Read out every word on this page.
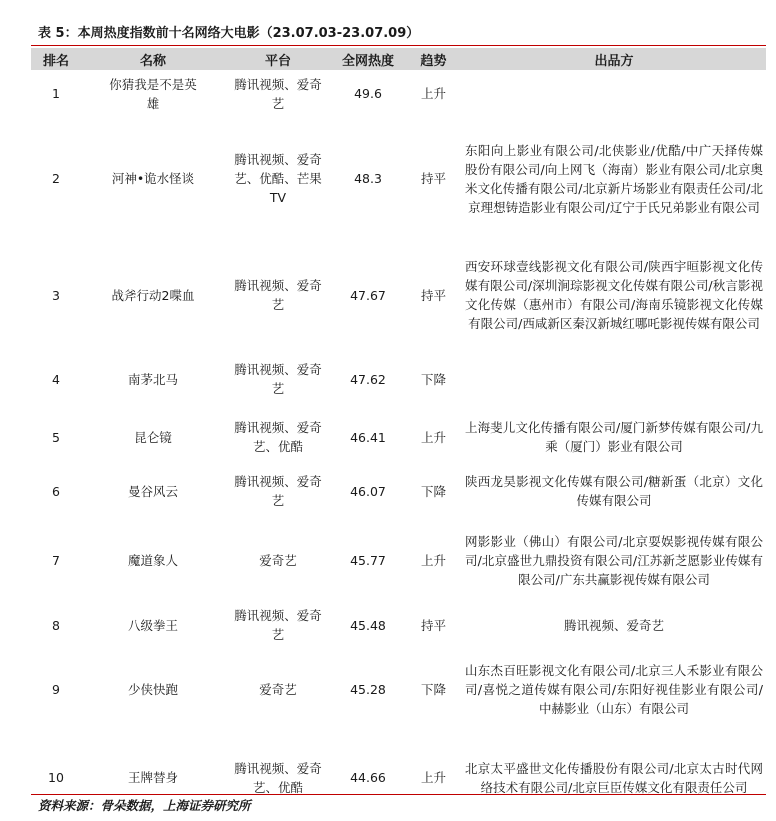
表 5：本周热度指数前十名网络大电影（23.07.03-23.07.09）
排名	名称	平台	全网热度	趋势	出品方
1	你猜我是不是英雄	腾讯视频、爱奇艺	49.6	上升	

2	河神•诡水怪谈	腾讯视频、爱奇艺、优酷、芒果TV	48.3	持平	东阳向上影业有限公司/北侠影业/优酷/中广天择传媒股份有限公司/向上网飞（海南）影业有限公司/北京奥米文化传播有限公司/北京新片场影业有限责任公司/北京理想铸造影业有限公司/辽宁于氏兄弟影业有限公司

3	战斧行动2喋血	腾讯视频、爱奇艺	47.67	持平	西安环球壹线影视文化有限公司/陕西宇晅影视文化传媒有限公司/深圳涧琮影视文化传媒有限公司/秋言影视文化传媒（惠州市）有限公司/海南乐镜影视文化传媒有限公司/西咸新区秦汉新城红哪吒影视传媒有限公司

4	南茅北马	腾讯视频、爱奇艺	47.62	下降	

5	昆仑镜	腾讯视频、爱奇艺、优酷	46.41	上升	上海斐儿文化传播有限公司/厦门新梦传媒有限公司/九乘（厦门）影业有限公司

6	曼谷风云	腾讯视频、爱奇艺	46.07	下降	陕西龙昊影视文化传媒有限公司/糖新蛋（北京）文化传媒有限公司

7	魔道象人	爱奇艺	45.77	上升	网影影业（佛山）有限公司/北京耍娱影视传媒有限公司/北京盛世九鼎投资有限公司/江苏新芝愿影业传媒有限公司/广东共赢影视传媒有限公司

8	八级拳王	腾讯视频、爱奇艺	45.48	持平	腾讯视频、爱奇艺

9	少侠快跑	爱奇艺	45.28	下降	山东杰百旺影视文化有限公司/北京三人禾影业有限公司/喜悦之道传媒有限公司/东阳好视佳影业有限公司/中赫影业（山东）有限公司

10	王牌替身	腾讯视频、爱奇艺、优酷	44.66	上升	北京太平盛世文化传播股份有限公司/北京太古时代网络技术有限公司/北京巨臣传媒文化有限责任公司
资料来源：骨朵数据，上海证券研究所
